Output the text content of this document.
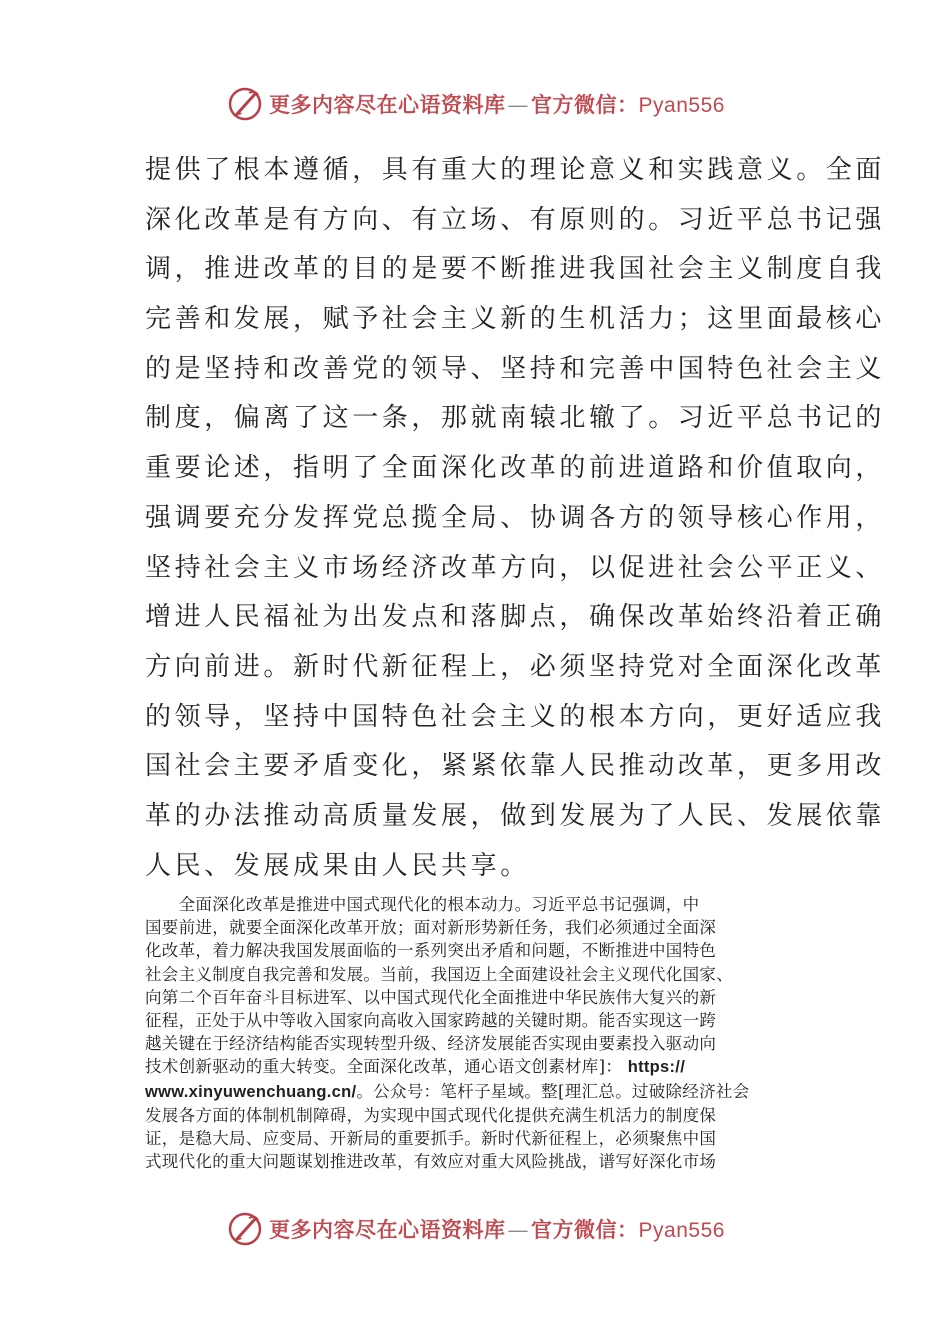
更多内容尽在心语资料库—官方微信：Pyan556
提供了根本遵循，具有重大的理论意义和实践意义。全面
深化改革是有方向、有立场、有原则的。习近平总书记强
调，推进改革的目的是要不断推进我国社会主义制度自我
完善和发展，赋予社会主义新的生机活力；这里面最核心
的是坚持和改善党的领导、坚持和完善中国特色社会主义
制度，偏离了这一条，那就南辕北辙了。习近平总书记的
重要论述，指明了全面深化改革的前进道路和价值取向，
强调要充分发挥党总揽全局、协调各方的领导核心作用，
坚持社会主义市场经济改革方向，以促进社会公平正义、
增进人民福祉为出发点和落脚点，确保改革始终沿着正确
方向前进。新时代新征程上，必须坚持党对全面深化改革
的领导，坚持中国特色社会主义的根本方向，更好适应我
国社会主要矛盾变化，紧紧依靠人民推动改革，更多用改
革的办法推动高质量发展，做到发展为了人民、发展依靠
人民、发展成果由人民共享。
　　全面深化改革是推进中国式现代化的根本动力。习近平总书记强调，中
国要前进，就要全面深化改革开放；面对新形势新任务，我们必须通过全面深
化改革，着力解决我国发展面临的一系列突出矛盾和问题，不断推进中国特色
社会主义制度自我完善和发展。当前，我国迈上全面建设社会主义现代化国家、
向第二个百年奋斗目标进军、以中国式现代化全面推进中华民族伟大复兴的新
征程，正处于从中等收入国家向高收入国家跨越的关键时期。能否实现这一跨
越关键在于经济结构能否实现转型升级、经济发展能否实现由要素投入驱动向
技术创新驱动的重大转变。全面深化改革，通心语文创素材库]： https://
www.xinyuwenchuang.cn/。公众号：笔杆子星域。整[理汇总。过破除经济社会
发展各方面的体制机制障碍，为实现中国式现代化提供充满生机活力的制度保
证，是稳大局、应变局、开新局的重要抓手。新时代新征程上，必须聚焦中国
式现代化的重大问题谋划推进改革，有效应对重大风险挑战，谱写好深化市场
更多内容尽在心语资料库—官方微信：Pyan556
